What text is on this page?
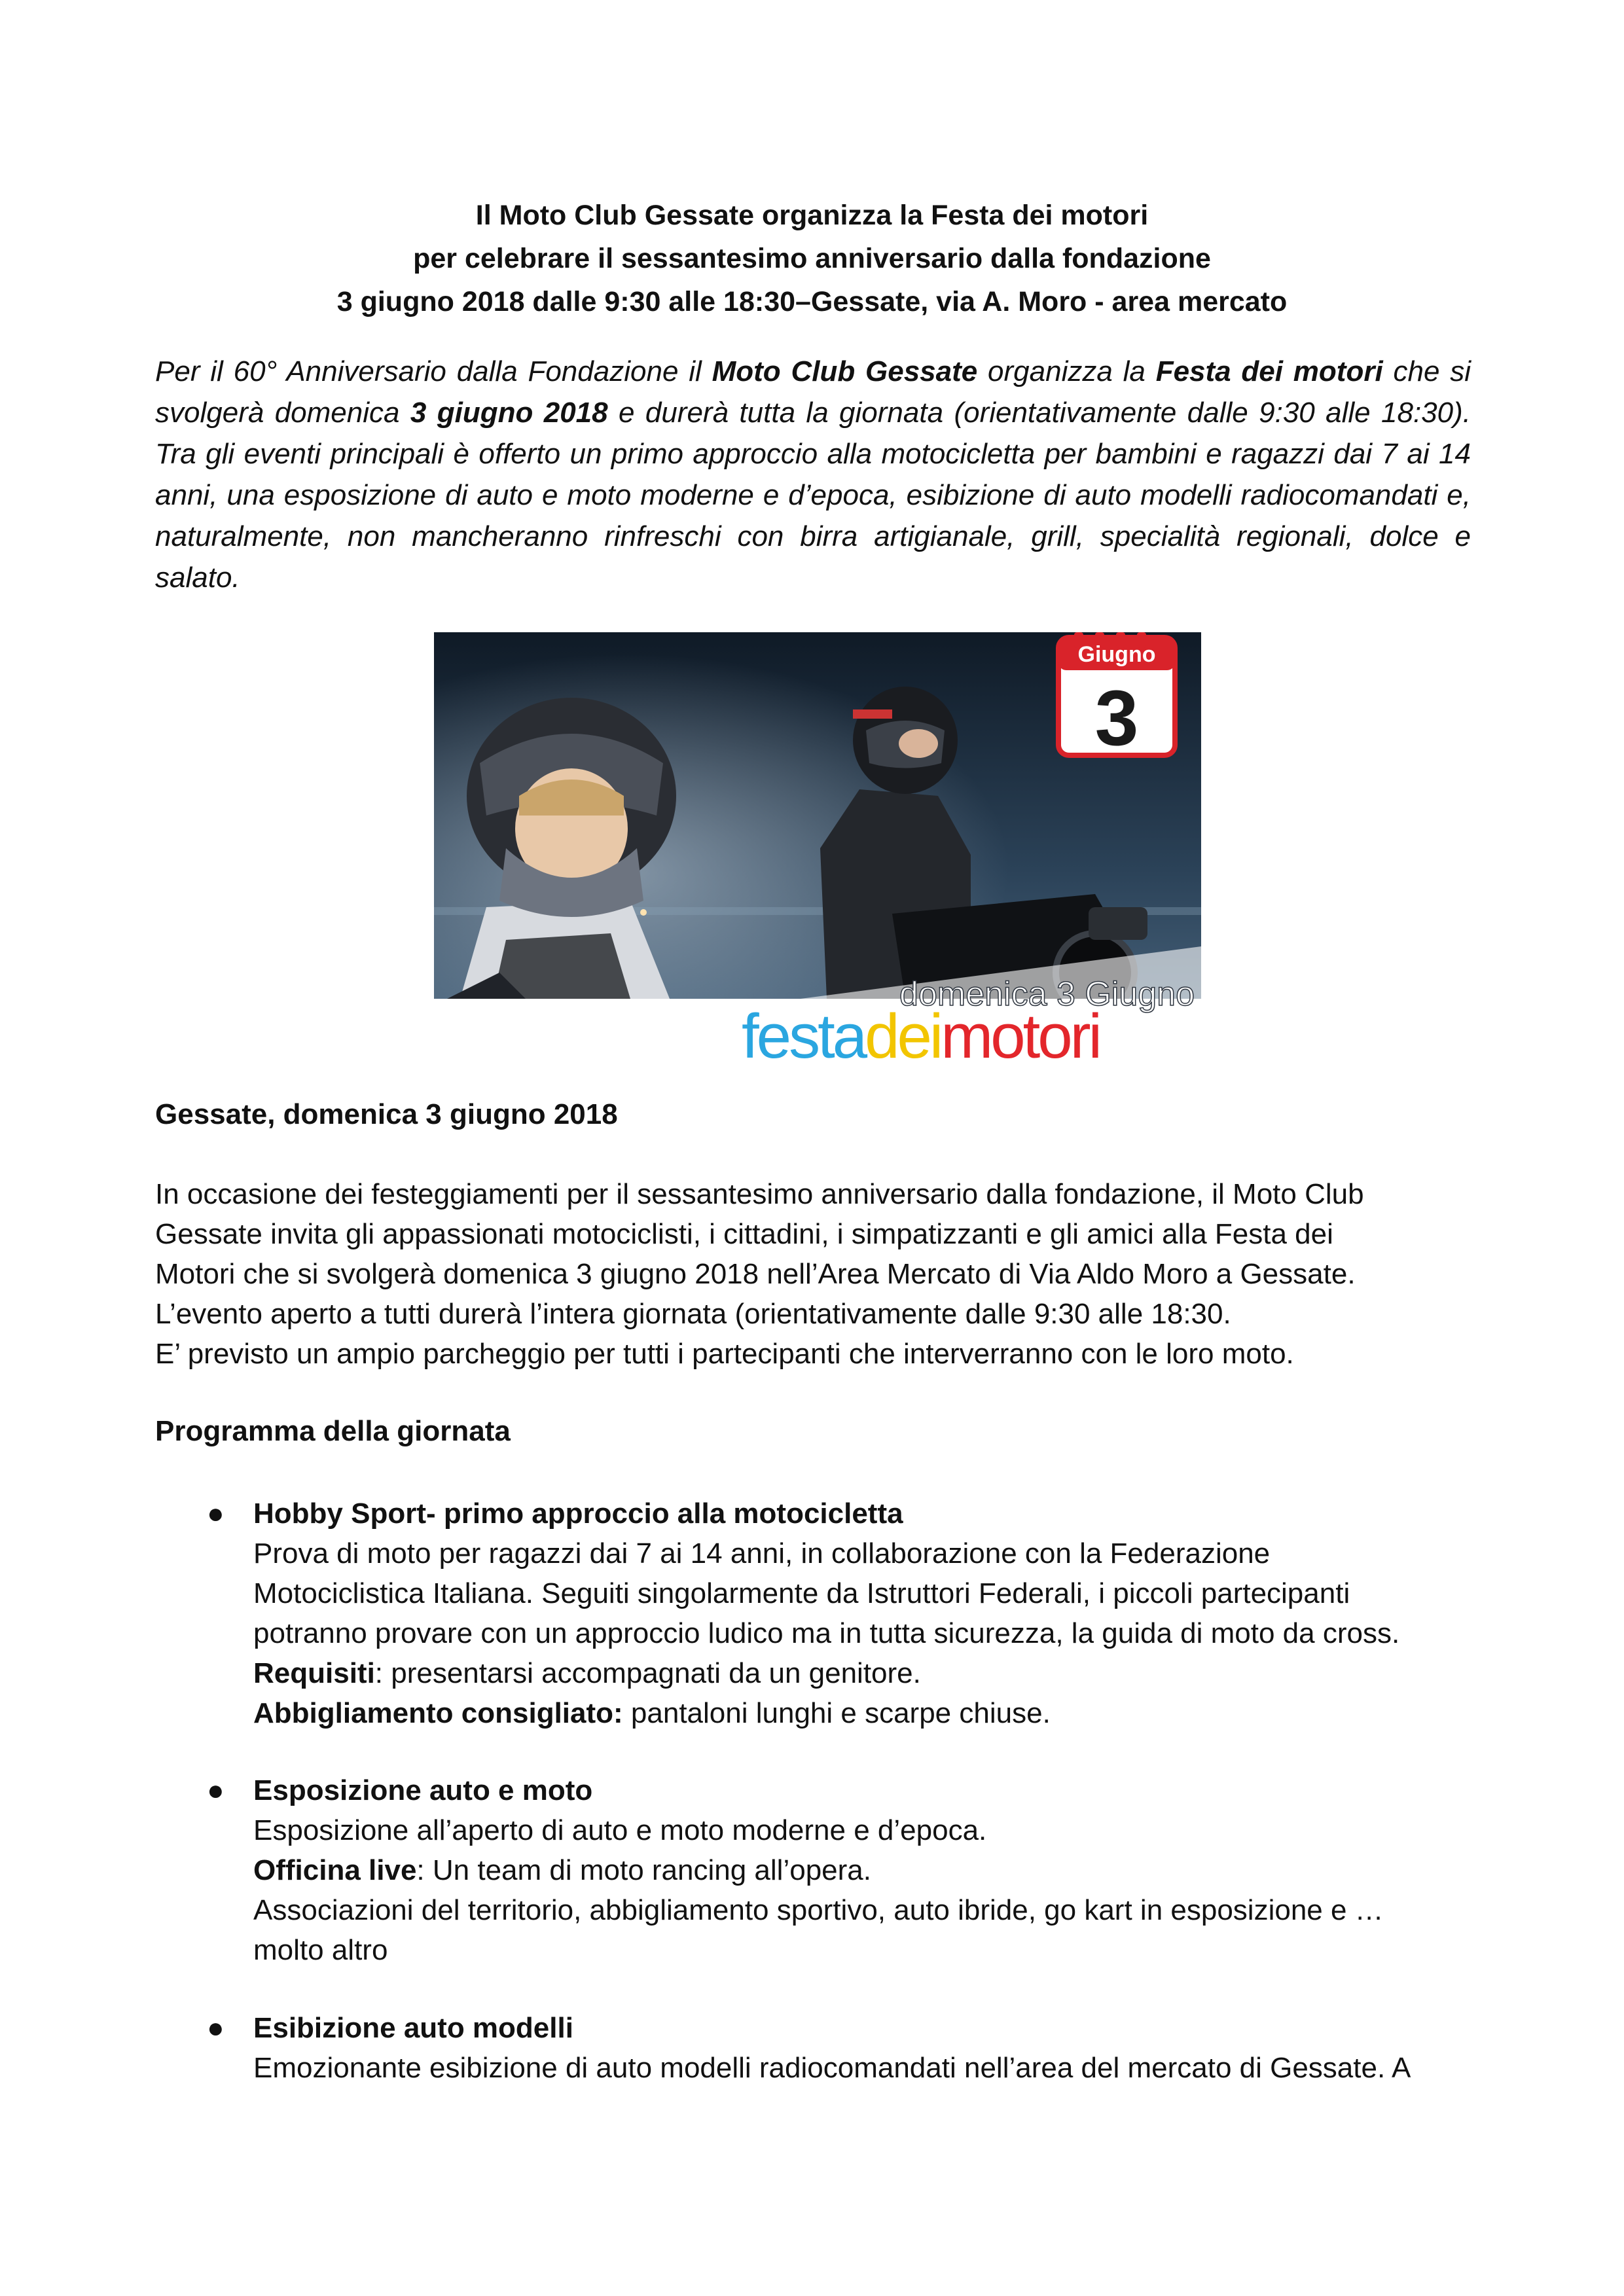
Il Moto Club Gessate organizza la Festa dei motori
per celebrare il sessantesimo anniversario dalla fondazione
3 giugno 2018 dalle 9:30 alle 18:30–Gessate, via A. Moro - area mercato
Per il 60° Anniversario dalla Fondazione il Moto Club Gessate organizza la Festa dei motori che si svolgerà domenica 3 giugno 2018 e durerà tutta la giornata (orientativamente dalle 9:30 alle 18:30). Tra gli eventi principali è offerto un primo approccio alla motocicletta per bambini e ragazzi dai 7 ai 14 anni, una esposizione di auto e moto moderne e d’epoca, esibizione di auto modelli radiocomandati e, naturalmente, non mancheranno rinfreschi con birra artigianale, grill, specialità regionali, dolce e salato.
Giugno
3
domenica 3 Giugno
festadeimotori
Gessate, domenica 3 giugno 2018
In occasione dei festeggiamenti per il sessantesimo anniversario dalla fondazione, il Moto Club
Gessate invita gli appassionati motociclisti, i cittadini, i simpatizzanti e gli amici alla Festa dei
Motori che si svolgerà domenica 3 giugno 2018 nell’Area Mercato di Via Aldo Moro a Gessate.
L’evento aperto a tutti durerà l’intera giornata (orientativamente dalle 9:30 alle 18:30.
E’ previsto un ampio parcheggio per tutti i partecipanti che interverranno con le loro moto.
Programma della giornata
● Hobby Sport- primo approccio alla motocicletta
Prova di moto per ragazzi dai 7 ai 14 anni, in collaborazione con la Federazione
Motociclistica Italiana. Seguiti singolarmente da Istruttori Federali, i piccoli partecipanti
potranno provare con un approccio ludico ma in tutta sicurezza, la guida di moto da cross.
Requisiti: presentarsi accompagnati da un genitore.
Abbigliamento consigliato: pantaloni lunghi e scarpe chiuse.
● Esposizione auto e moto
Esposizione all’aperto di auto e moto moderne e d’epoca.
Officina live: Un team di moto rancing all’opera.
Associazioni del territorio, abbigliamento sportivo, auto ibride, go kart in esposizione e …
molto altro
● Esibizione auto modelli
Emozionante esibizione di auto modelli radiocomandati nell’area del mercato di Gessate. A
